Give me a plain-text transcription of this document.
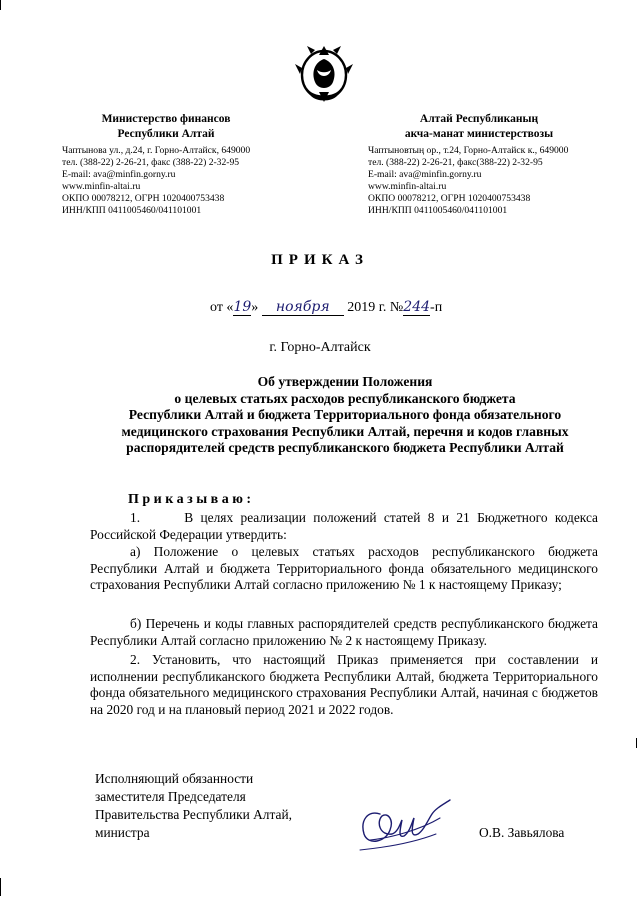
Министерство финансов
Республики Алтай
Чаптынова ул., д.24, г. Горно-Алтайск, 649000
тел. (388-22) 2-26-21, факс (388-22) 2-32-95
E-mail: ava@minfin.gorny.ru
www.minfin-altai.ru
ОКПО 00078212, ОГРН 1020400753438
ИНН/КПП 0411005460/041101001
Алтай Республиканың
акча-манат министерствозы
Чаптыновтың ор., т.24, Горно-Алтайск к., 649000
тел. (388-22) 2-26-21, факс(388-22) 2-32-95
E-mail: ava@minfin.gorny.ru
www.minfin-altai.ru
ОКПО 00078212, ОГРН 1020400753438
ИНН/КПП 0411005460/041101001
ПРИКАЗ
от «19» ноября 2019 г. №244-п
г. Горно-Алтайск
Об утверждении Положения
о целевых статьях расходов республиканского бюджета
Республики Алтай и бюджета Территориального фонда обязательного
медицинского страхования Республики Алтай, перечня и кодов главных
распорядителей средств республиканского бюджета Республики Алтай
Приказываю:
1.      В целях реализации положений статей 8 и 21 Бюджетного кодекса Российской Федерации утвердить:
а) Положение о целевых статьях расходов республиканского бюджета Республики Алтай и бюджета Территориального фонда обязательного медицинского страхования Республики Алтай согласно приложению № 1 к настоящему Приказу;
б) Перечень и коды главных распорядителей средств республиканского бюджета Республики Алтай согласно приложению № 2 к настоящему Приказу.
2. Установить, что настоящий Приказ применяется при составлении и исполнении республиканского бюджета Республики Алтай, бюджета Территориального фонда обязательного медицинского страхования Республики Алтай, начиная с бюджетов на 2020 год и на плановый период 2021 и 2022 годов.
Исполняющий обязанности
заместителя Председателя
Правительства Республики Алтай,
министра	О.В. Завьялова
